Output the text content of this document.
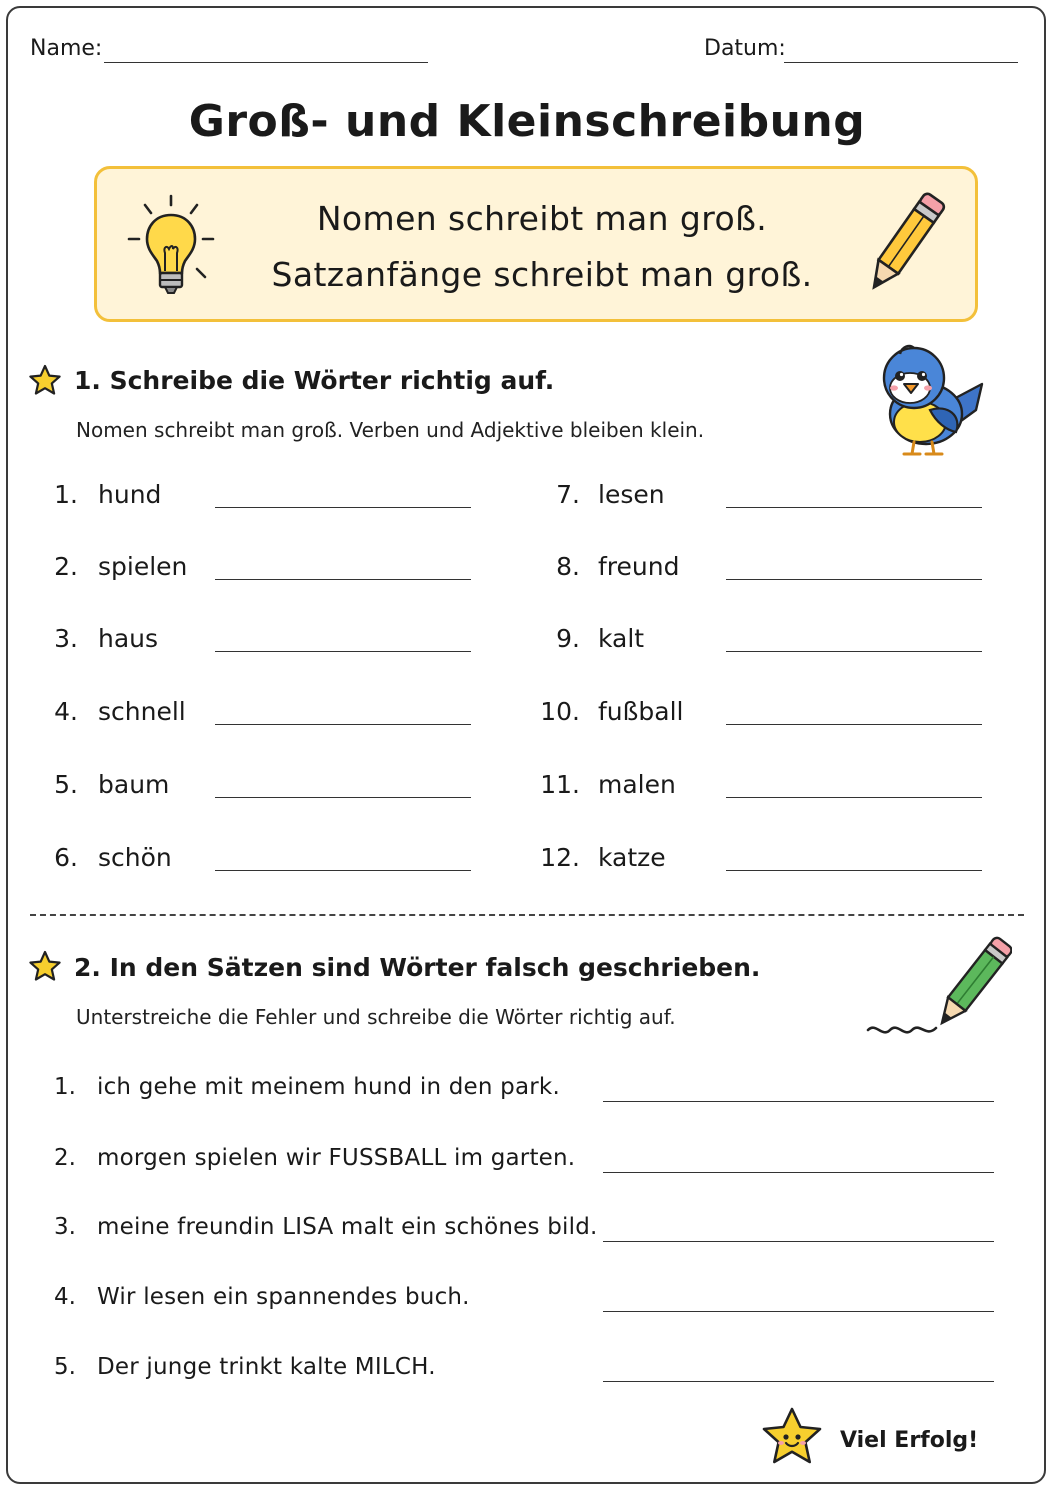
Name:	Datum:
Groß- und Kleinschreibung
Nomen schreibt man groß.
Satzanfänge schreibt man groß.
1. Schreibe die Wörter richtig auf.
Nomen schreibt man groß. Verben und Adjektive bleiben klein.
1. hund
2. spielen
3. haus
4. schnell
5. baum
6. schön
7. lesen
8. freund
9. kalt
10. fußball
11. malen
12. katze
2. In den Sätzen sind Wörter falsch geschrieben.
Unterstreiche die Fehler und schreibe die Wörter richtig auf.
1. ich gehe mit meinem hund in den park.
2. morgen spielen wir FUSSBALL im garten.
3. meine freundin LISA malt ein schönes bild.
4. Wir lesen ein spannendes buch.
5. Der junge trinkt kalte MILCH.
Viel Erfolg!
